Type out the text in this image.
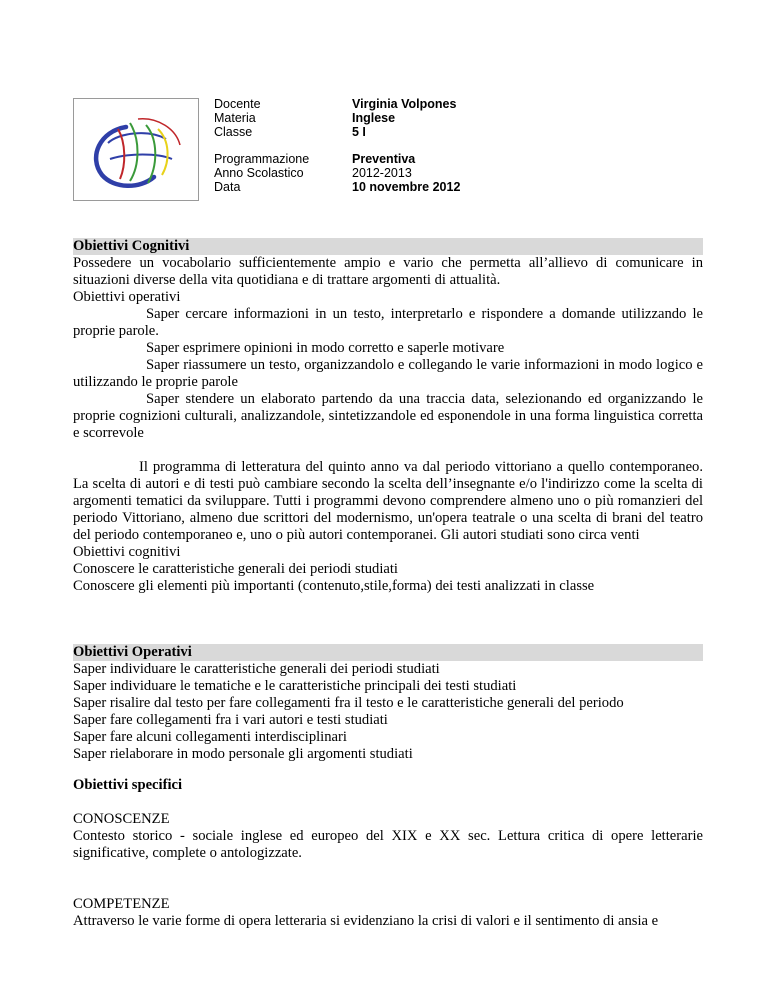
Docente
Materia
Classe
Programmazione
Anno Scolastico
Data
Virginia Volpones
Inglese
5 I
Preventiva
2012-2013
10 novembre 2012

Obiettivi Cognitivi

Possedere un vocabolario sufficientemente ampio e vario che permetta all’allievo di comunicare in situazioni diverse della vita quotidiana e di trattare argomenti di attualità.

Obiettivi operativi

Saper cercare informazioni in un testo, interpretarlo e rispondere a domande utilizzando le proprie parole.

Saper esprimere opinioni in modo corretto e saperle motivare

Saper riassumere un testo, organizzandolo e collegando le varie informazioni in modo logico e utilizzando le proprie parole

Saper stendere un elaborato partendo da una traccia data, selezionando ed organizzando le proprie cognizioni culturali, analizzandole, sintetizzandole ed esponendole in una forma linguistica corretta e scorrevole

Il programma di letteratura del quinto anno va dal periodo vittoriano a quello contemporaneo. La scelta di autori e di testi può cambiare secondo la scelta dell’insegnante e/o l'indirizzo come la scelta di argomenti tematici da sviluppare. Tutti i programmi devono comprendere almeno uno o più romanzieri del periodo Vittoriano, almeno due scrittori del modernismo, un'opera teatrale o una scelta di brani del teatro del periodo contemporaneo e, uno o più autori contemporanei. Gli autori studiati sono circa venti

Obiettivi cognitivi

Conoscere le caratteristiche generali dei periodi studiati

Conoscere gli elementi più importanti (contenuto,stile,forma) dei testi analizzati in classe

Obiettivi Operativi

Saper individuare le caratteristiche generali dei periodi studiati

Saper individuare le tematiche e le caratteristiche principali dei testi studiati

Saper risalire dal testo per fare collegamenti fra il testo e le caratteristiche generali del periodo

Saper fare collegamenti fra i vari autori e testi studiati

Saper fare alcuni collegamenti interdisciplinari

Saper rielaborare in modo personale gli argomenti studiati

Obiettivi specifici

CONOSCENZE

Contesto storico - sociale inglese ed europeo del XIX e XX sec. Lettura critica di opere letterarie significative, complete o antologizzate.

COMPETENZE

Attraverso le varie forme di opera letteraria si evidenziano la crisi di valori e il sentimento di ansia e
